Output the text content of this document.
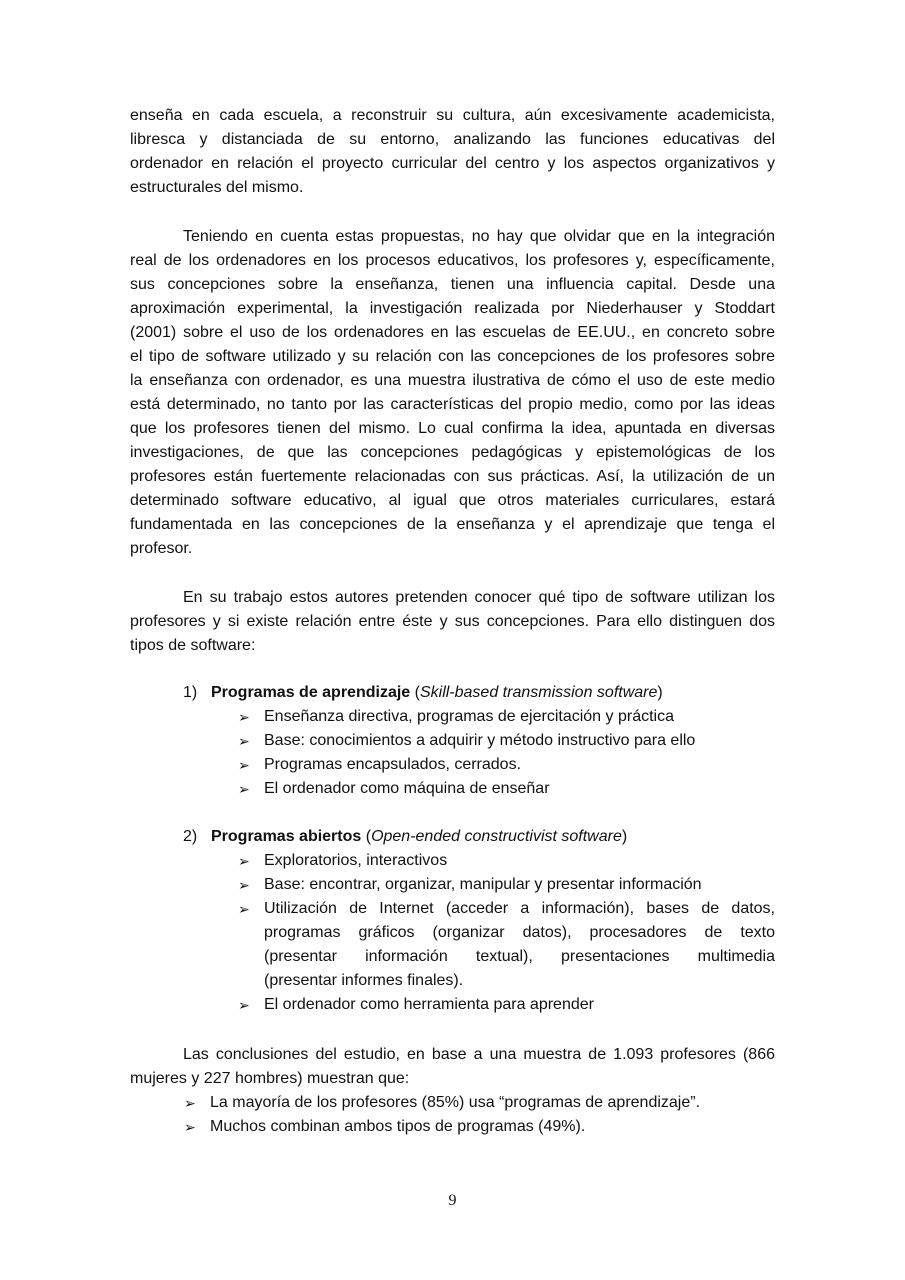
enseña en cada escuela, a reconstruir su cultura, aún excesivamente academicista,
libresca y distanciada de su entorno, analizando las funciones educativas del
ordenador en relación el proyecto curricular del centro y los aspectos organizativos y
estructurales del mismo.
Teniendo en cuenta estas propuestas, no hay que olvidar que en la integración
real de los ordenadores en los procesos educativos, los profesores y, específicamente,
sus concepciones sobre la enseñanza, tienen una influencia capital. Desde una
aproximación experimental, la investigación realizada por Niederhauser y Stoddart
(2001) sobre el uso de los ordenadores en las escuelas de EE.UU., en concreto sobre
el tipo de software utilizado y su relación con las concepciones de los profesores sobre
la enseñanza con ordenador, es una muestra ilustrativa de cómo el uso de este medio
está determinado, no tanto por las características del propio medio, como por las ideas
que los profesores tienen del mismo. Lo cual confirma la idea, apuntada en diversas
investigaciones, de que las concepciones pedagógicas y epistemológicas de los
profesores están fuertemente relacionadas con sus prácticas. Así, la utilización de un
determinado software educativo, al igual que otros materiales curriculares, estará
fundamentada en las concepciones de la enseñanza y el aprendizaje que tenga el
profesor.
En su trabajo estos autores pretenden conocer qué tipo de software utilizan los
profesores y si existe relación entre éste y sus concepciones. Para ello distinguen dos
tipos de software:
Las conclusiones del estudio, en base a una muestra de 1.093 profesores (866
mujeres y 227 hombres) muestran que:
1) Programas de aprendizaje (Skill-based transmission software)
➢ Enseñanza directiva, programas de ejercitación y práctica
➢ Base: conocimientos a adquirir y método instructivo para ello
➢ Programas encapsulados, cerrados.
➢ El ordenador como máquina de enseñar
2) Programas abiertos (Open-ended constructivist software)
➢ Exploratorios, interactivos
➢ Base: encontrar, organizar, manipular y presentar información
➢ Utilización de Internet (acceder a información), bases de datos,
programas gráficos (organizar datos), procesadores de texto
(presentar información textual), presentaciones multimedia
(presentar informes finales).
➢ El ordenador como herramienta para aprender
➢ La mayoría de los profesores (85%) usa “programas de aprendizaje”.
➢ Muchos combinan ambos tipos de programas (49%).
9
